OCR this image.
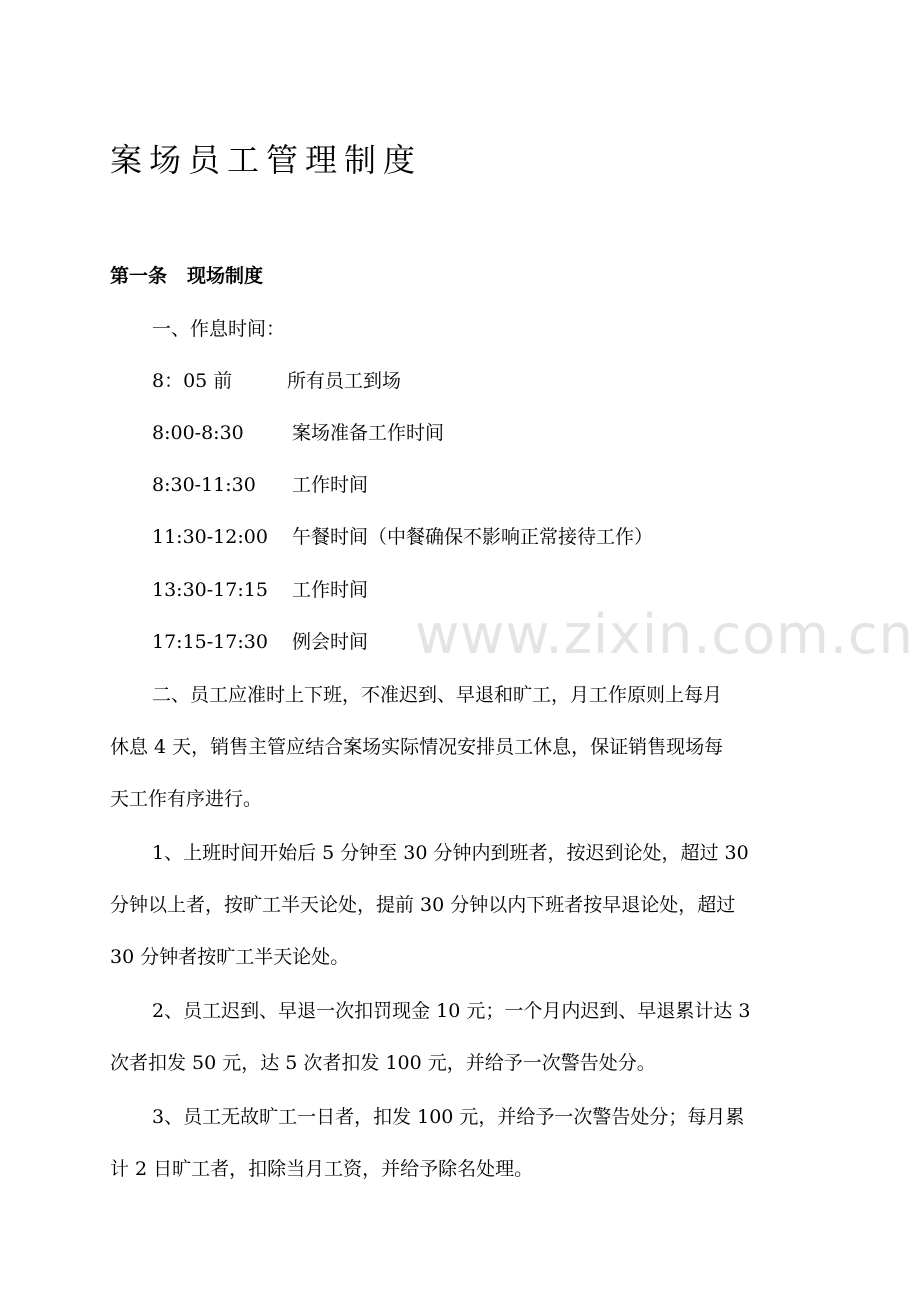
案场员工管理制度
第一条 现场制度
一、作息时间：
8：05 前	所有员工到场
8:00-8:30	案场准备工作时间
8:30-11:30 工作时间
11:30-12:00 午餐时间（中餐确保不影响正常接待工作）
13:30-17:15 工作时间
17:15-17:30 例会时间 www.zixin.com.cn
二、员工应准时上下班，不准迟到、早退和旷工，月工作原则上每月
休息 4 天，销售主管应结合案场实际情况安排员工休息，保证销售现场每
天工作有序进行。
1、上班时间开始后 5 分钟至 30 分钟内到班者，按迟到论处，超过 30
分钟以上者，按旷工半天论处，提前 30 分钟以内下班者按早退论处，超过
30 分钟者按旷工半天论处。
2、员工迟到、早退一次扣罚现金 10 元；一个月内迟到、早退累计达 3
次者扣发 50 元，达 5 次者扣发 100 元，并给予一次警告处分。
3、员工无故旷工一日者，扣发 100 元，并给予一次警告处分；每月累
计 2 日旷工者，扣除当月工资，并给予除名处理。
